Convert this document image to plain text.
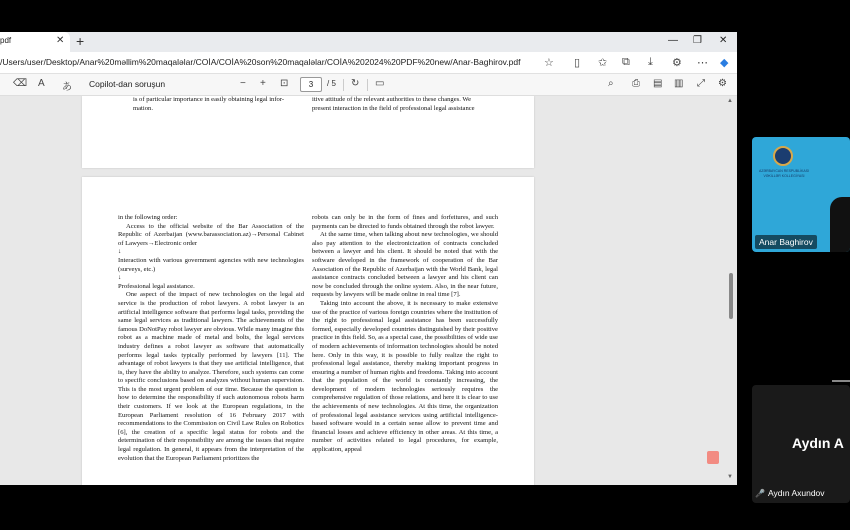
pdf	✕ +	— ❐ ✕
/Users/user/Desktop/Anar%20məllim%20maqaləlar/COİA/COİA%20son%20maqaləlar/COİA%202024%20PDF%20new/Anar-Baghirov.pdf ☆ ▯ ✩ ⧉ ⤓ ⚙ ⋯ ◆
⌫ A あ Copilot-dan soruşun	− + ⊡	3	/ 5 ↻ ▭	⌕ ⎙ ▤ ▥ ⤢ ⚙
is of particular importance in easily obtaining legal infor-
mation.
itive attitude of the relevant authorities to these changes. We
present interaction in the field of professional legal assistance

in the following order:

Access to the official website of the Bar Association of the Republic of Azerbaijan (www.barassociation.az)→Personal Cabinet of Lawyers→Electronic order

↓

Interaction with various government agencies with new technologies (surveys, etc.)

↓

Professional legal assistance.

One aspect of the impact of new technologies on the legal aid service is the production of robot lawyers. A robot lawyer is an artificial intelligence software that performs legal tasks, providing the same legal services as traditional lawyers. The achievements of the famous DoNotPay robot lawyer are obvious. While many imagine this robot as a machine made of metal and bolts, the legal services industry defines a robot lawyer as software that automatically performs legal tasks typically performed by lawyers [11]. The advantage of robot lawyers is that they use artificial intelligence, that is, they have the ability to analyze. Therefore, such systems can come to specific conclusions based on analyzes without human supervision. This is the most urgent problem of our time. Because the question is how to determine the responsibility if such autonomous robots harm their customers. If we look at the European regulations, in the European Parliament resolution of 16 February 2017 with recommendations to the Commission on Civil Law Rules on Robotics [6], the creation of a specific legal status for robots and the determination of their responsibility are among the issues that require legal regulation. In general, it appears from the interpretation of the evolution that the European Parliament prioritizes the

robots can only be in the form of fines and forfeitures, and such payments can be directed to funds obtained through the robot lawyer.

At the same time, when talking about new technologies, we should also pay attention to the electronicization of contracts concluded between a lawyer and his client. It should be noted that with the software developed in the framework of cooperation of the Bar Association of the Republic of Azerbaijan with the World Bank, legal assistance contracts concluded between a lawyer and his client can now be concluded through the online system. Also, in the near future, requests by lawyers will be made online in real time [7].

Taking into account the above, it is necessary to make extensive use of the practice of various foreign countries where the institution of the right to professional legal assistance has been successfully formed, especially developed countries distinguished by their positive practice in this field. So, as a special case, the possibilities of wide use of modern achievements of information technologies should be noted here. Only in this way, it is possible to fully realize the right to professional legal assistance, thereby making important progress in ensuring a number of human rights and freedoms. Taking into account that the population of the world is constantly increasing, the development of modern technologies seriously requires the comprehensive regulation of those relations, and here it is clear to use the achievements of new technologies. At this time, the organization of professional legal assistance services using artificial intelligence-based software would in a certain sense allow to prevent time and financial losses and achieve efficiency in other areas. At this time, a number of activities related to legal procedures, for example, application, appeal

▲
▼
AZƏRBAYCAN RESPUBLİKASI VƏKİLLƏR KOLLEGİYASI
Anar Baghirov
Aydın A
🎤 Aydın Axundov
